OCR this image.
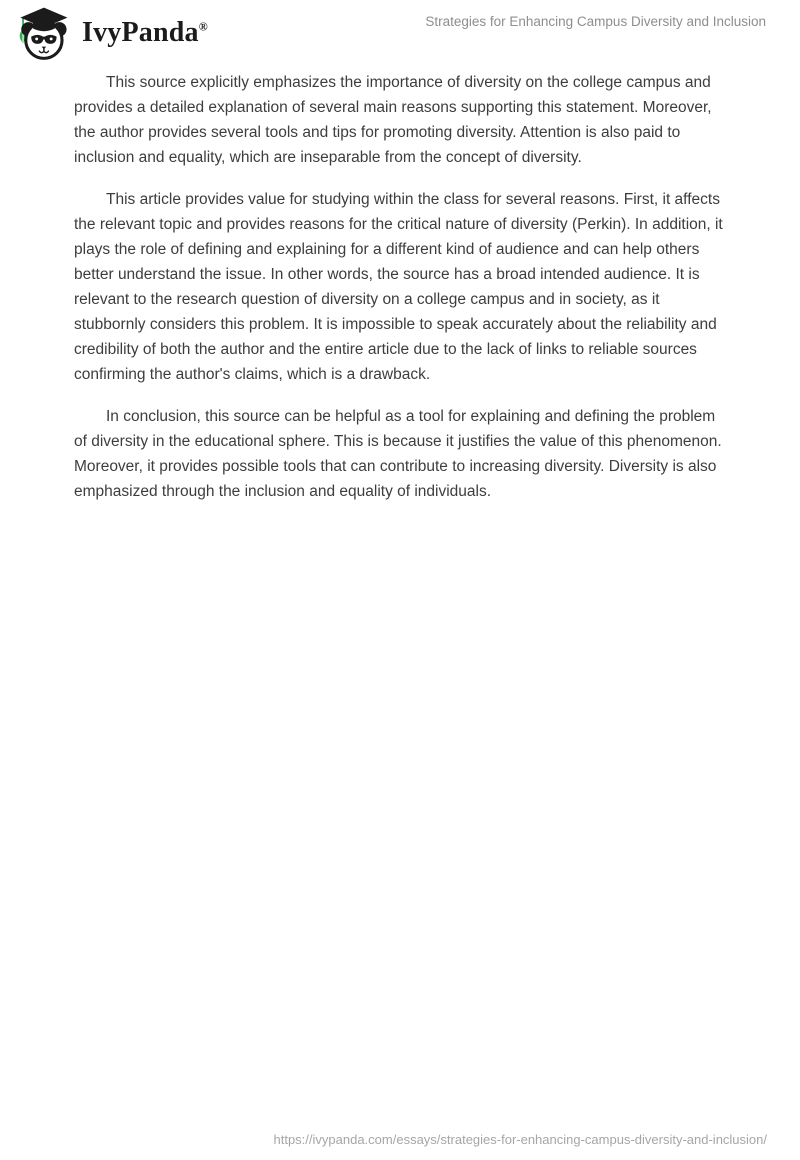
IvyPanda®	Strategies for Enhancing Campus Diversity and Inclusion

This source explicitly emphasizes the importance of diversity on the college campus and provides a detailed explanation of several main reasons supporting this statement. Moreover, the author provides several tools and tips for promoting diversity. Attention is also paid to inclusion and equality, which are inseparable from the concept of diversity.

This article provides value for studying within the class for several reasons. First, it affects the relevant topic and provides reasons for the critical nature of diversity (Perkin). In addition, it plays the role of defining and explaining for a different kind of audience and can help others better understand the issue. In other words, the source has a broad intended audience. It is relevant to the research question of diversity on a college campus and in society, as it stubbornly considers this problem. It is impossible to speak accurately about the reliability and credibility of both the author and the entire article due to the lack of links to reliable sources confirming the author's claims, which is a drawback.

In conclusion, this source can be helpful as a tool for explaining and defining the problem of diversity in the educational sphere. This is because it justifies the value of this phenomenon. Moreover, it provides possible tools that can contribute to increasing diversity. Diversity is also emphasized through the inclusion and equality of individuals.

https://ivypanda.com/essays/strategies-for-enhancing-campus-diversity-and-inclusion/
